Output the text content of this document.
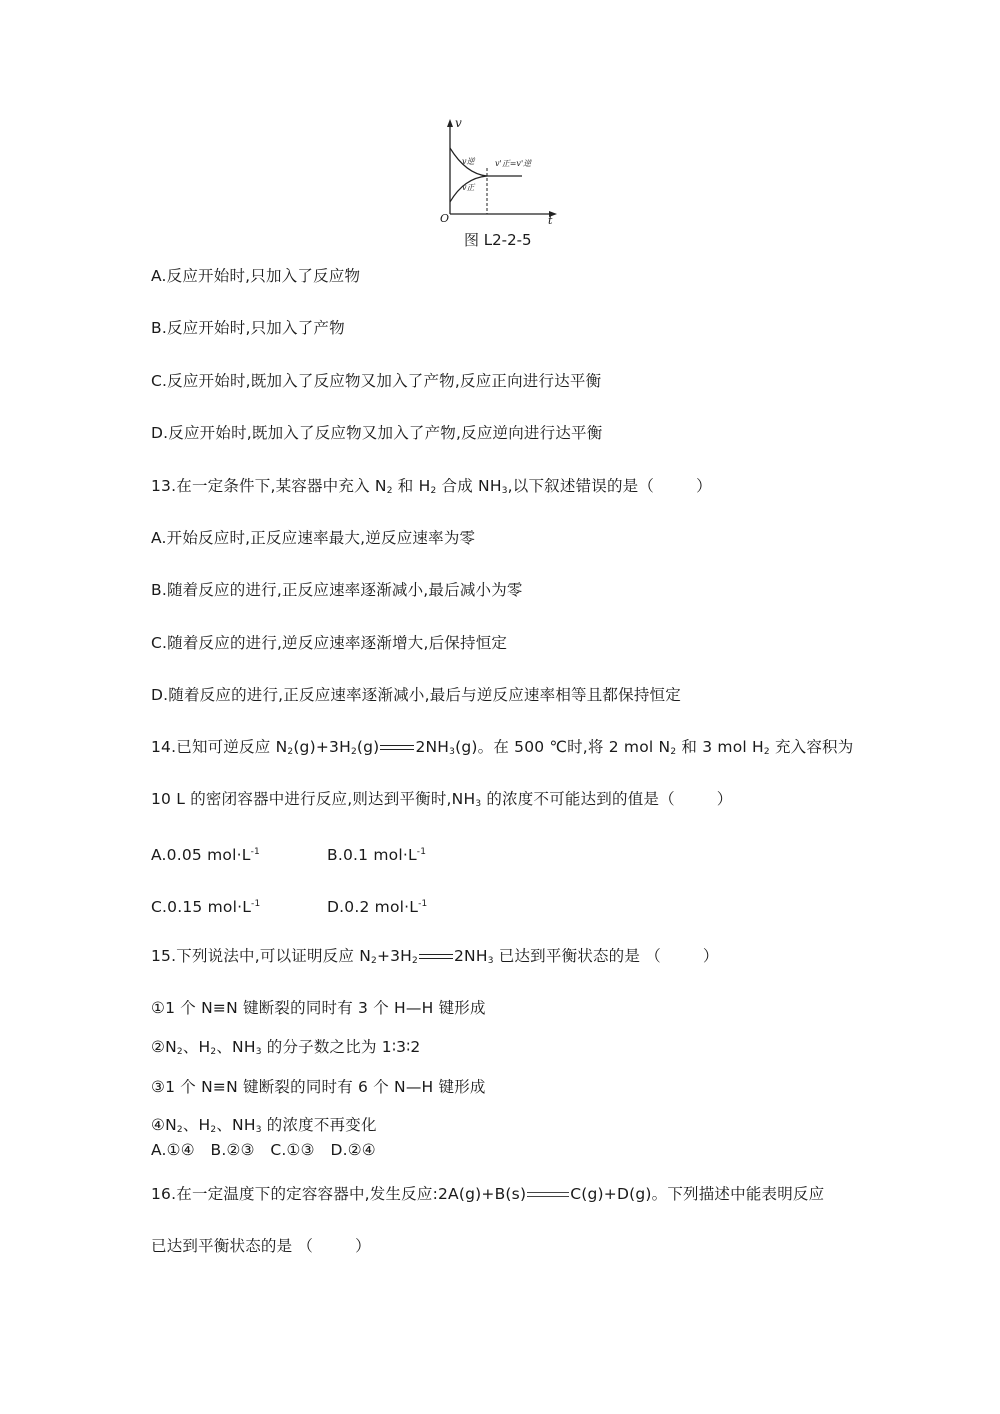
v
t
O
v逆
v正
v'正=v'逆
图 L2-2-5
A.反应开始时,只加入了反应物
B.反应开始时,只加入了产物
C.反应开始时,既加入了反应物又加入了产物,反应正向进行达平衡
D.反应开始时,既加入了反应物又加入了产物,反应逆向进行达平衡
13.在一定条件下,某容器中充入 $N_2$ 和 $H_2$ 合成 $NH_3$,以下叙述错误的是（	）
A.开始反应时,正反应速率最大,逆反应速率为零
B.随着反应的进行,正反应速率逐渐减小,最后减小为零
C.随着反应的进行,逆反应速率逐渐增大,后保持恒定
D.随着反应的进行,正反应速率逐渐减小,最后与逆反应速率相等且都保持恒定
14.已知可逆反应 $N_2(g)+3H_2(g)$ $2NH_3(g)$。在 500 ℃时,将 2 mol $N_2$ 和 3 mol $H_2$ 充入容积为
10 L 的密闭容器中进行反应,则达到平衡时$,NH_3$ 的浓度不可能达到的值是（	）
A.0.05 $mol\cdot L^{-1}$	B.0.1 $mol\cdot L^{-1}$
C.0.15 $mol\cdot L^{-1}$	D.0.2 $mol\cdot L^{-1}$
15.下列说法中,可以证明反应 $N_2+3H_2$ $2NH_3$ 已达到平衡状态的是 （	）
①1 个 N≡N 键断裂的同时有 3 个 H—H 键形成
$②N_2$、$H_2$、$NH_3$ 的分子数之比为 1∶3∶2
③1 个 N≡N 键断裂的同时有 6 个 N—H 键形成
$④N_2$、$H_2$、$NH_3$ 的浓度不再变化
A.①④　B.②③　C.①③　D.②④
16.在一定温度下的定容容器中,发生反应:2A(g)+B(s)	C(g)+D(g)。下列描述中能表明反应
已达到平衡状态的是 （	）
